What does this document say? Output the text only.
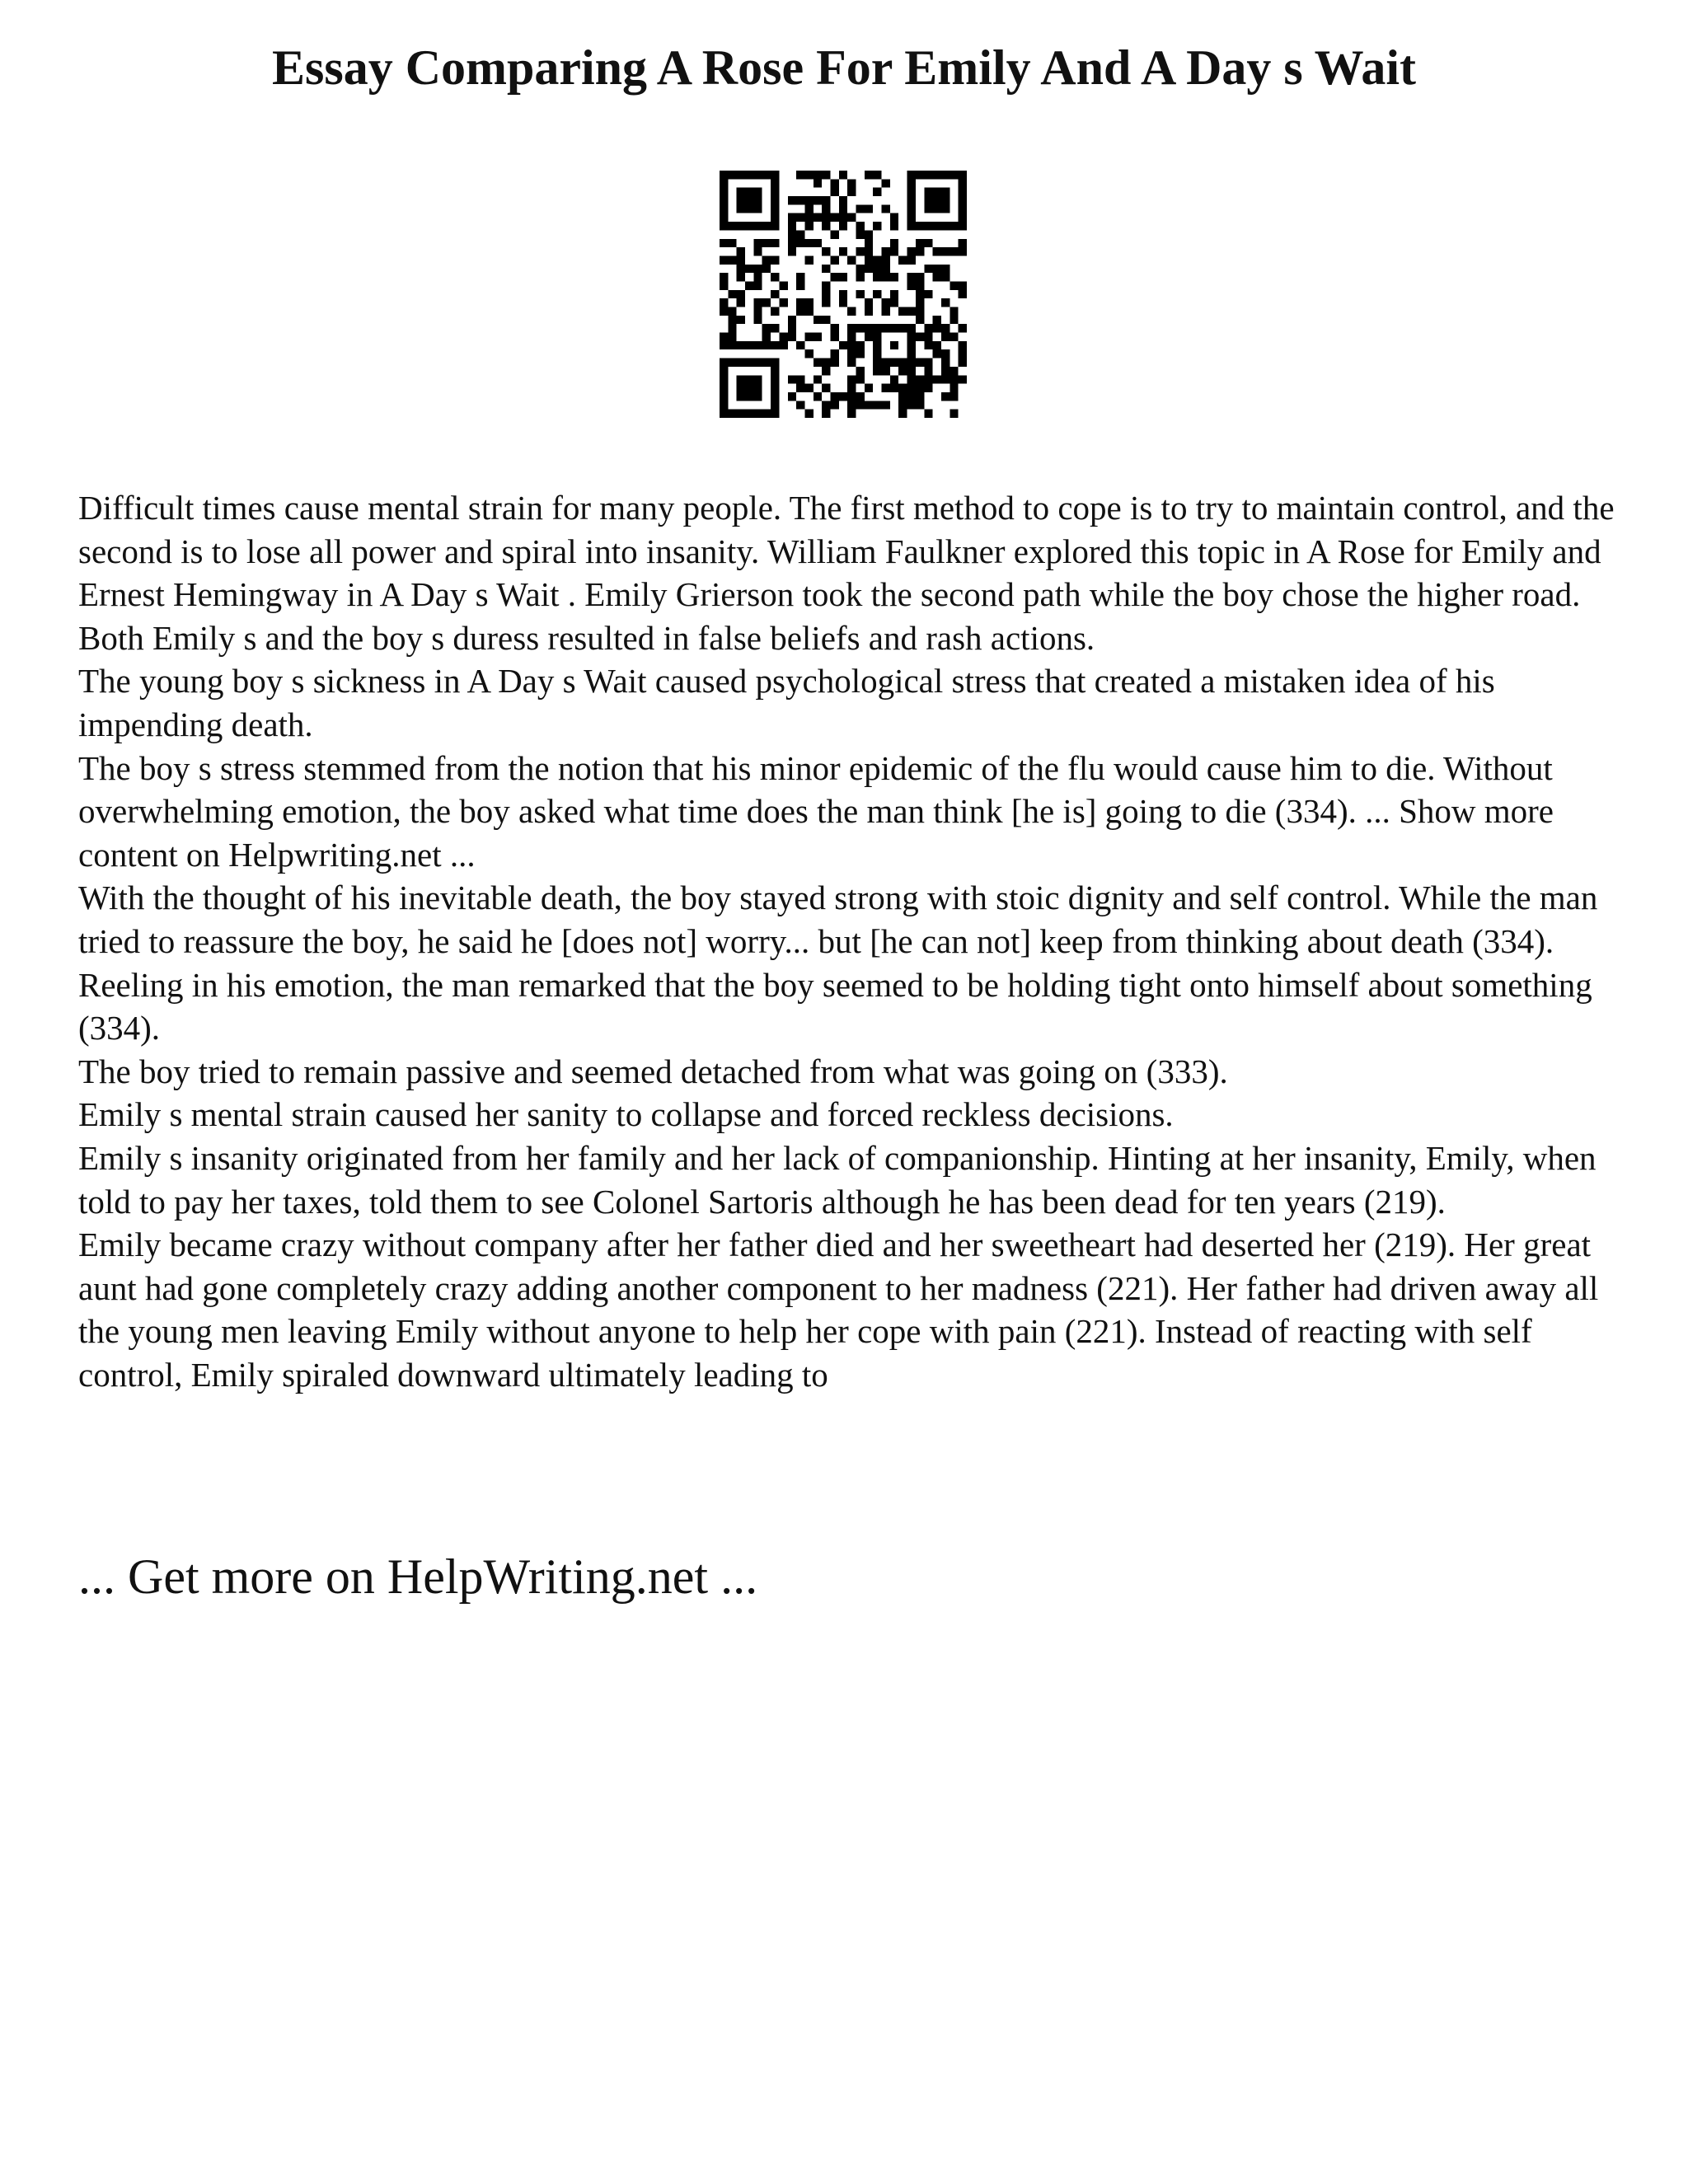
Essay Comparing A Rose For Emily And A Day s Wait

Difficult times cause mental strain for many people. The first method to cope is to try to maintain control, and the second is to lose all power and spiral into insanity. William Faulkner explored this topic in A Rose for Emily and Ernest Hemingway in A Day s Wait . Emily Grierson took the second path while the boy chose the higher road. Both Emily s and the boy s duress resulted in false beliefs and rash actions.

The young boy s sickness in A Day s Wait caused psychological stress that created a mistaken idea of his impending death.

The boy s stress stemmed from the notion that his minor epidemic of the flu would cause him to die. Without overwhelming emotion, the boy asked what time does the man think [he is] going to die (334). ... Show more content on Helpwriting.net ...

With the thought of his inevitable death, the boy stayed strong with stoic dignity and self control. While the man tried to reassure the boy, he said he [does not] worry... but [he can not] keep from thinking about death (334).

Reeling in his emotion, the man remarked that the boy seemed to be holding tight onto himself about something (334).

The boy tried to remain passive and seemed detached from what was going on (333).

Emily s mental strain caused her sanity to collapse and forced reckless decisions.

Emily s insanity originated from her family and her lack of companionship. Hinting at her insanity, Emily, when told to pay her taxes, told them to see Colonel Sartoris although he has been dead for ten years (219).

Emily became crazy without company after her father died and her sweetheart had deserted her (219). Her great aunt had gone completely crazy adding another component to her madness (221). Her father had driven away all the young men leaving Emily without anyone to help her cope with pain (221). Instead of reacting with self control, Emily spiraled downward ultimately leading to

... Get more on HelpWriting.net ...
